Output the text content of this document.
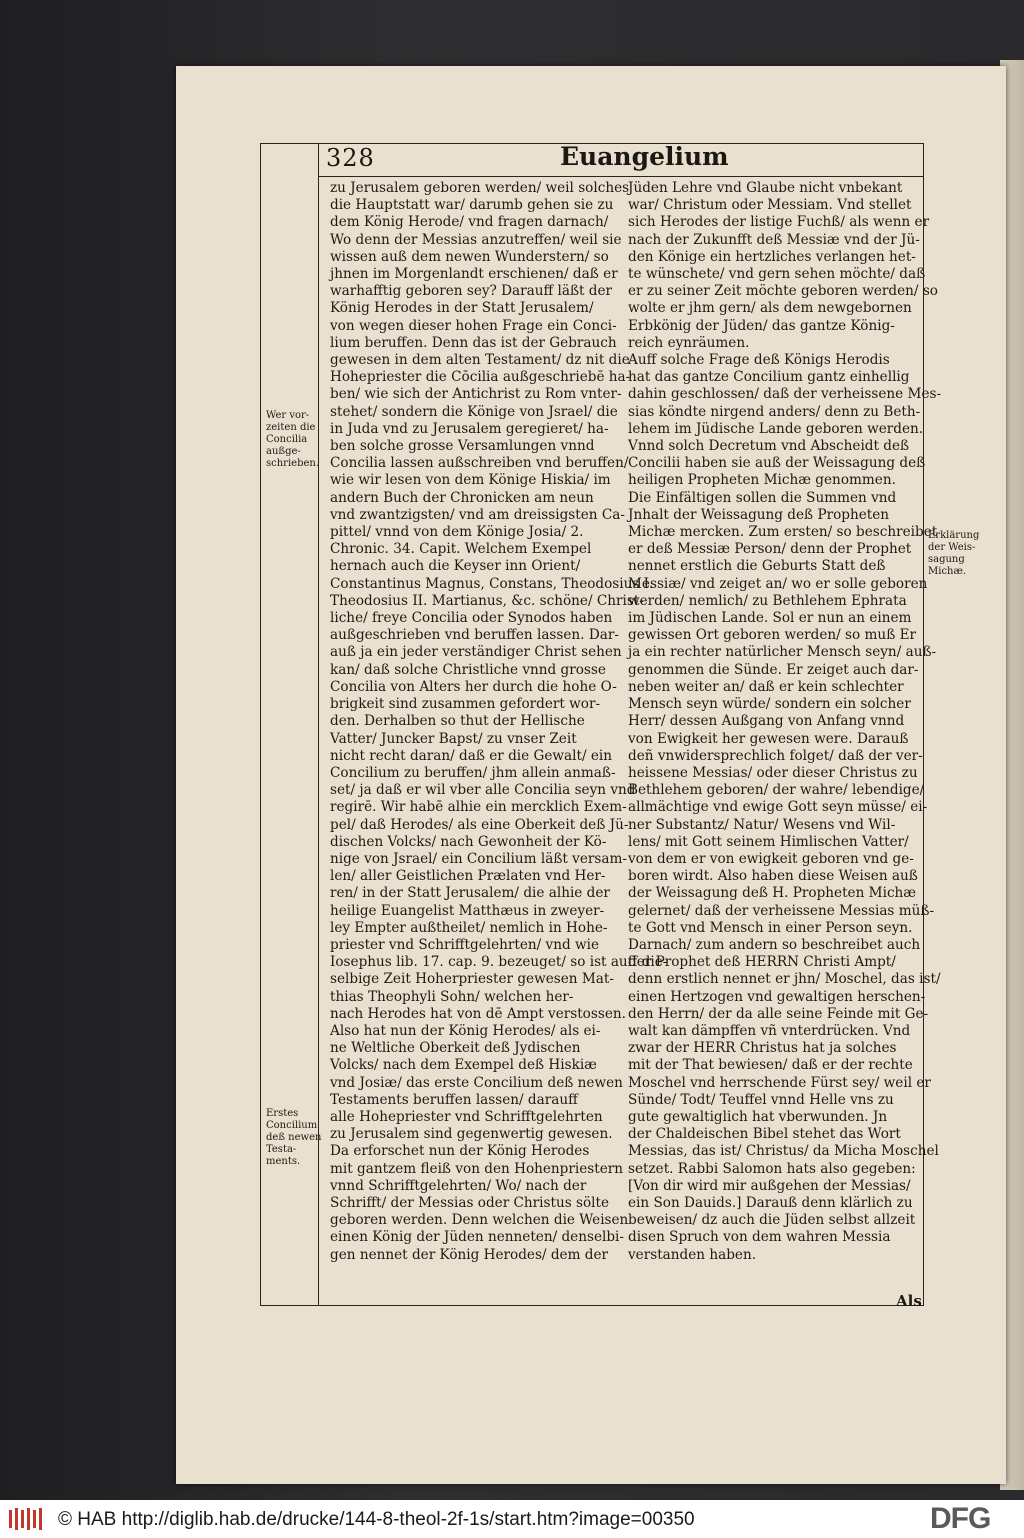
328	Euangelium
Wer vor-
zeiten die
Concilia
außge-
schrieben.
Erstes
Concilium
deß newen
Testa-
ments.
Erklärung
der Weis-
sagung
Michæ.
zu Jerusalem geboren werden/ weil solches
die Hauptstatt war/ darumb gehen sie zu
dem König Herode/ vnd fragen darnach/
Wo denn der Messias anzutreffen/ weil sie
wissen auß dem newen Wunderstern/ so
jhnen im Morgenlandt erschienen/ daß er
warhafftig geboren sey? Darauff läßt der
König Herodes in der Statt Jerusalem/
von wegen dieser hohen Frage ein Conci-
lium beruffen. Denn das ist der Gebrauch
gewesen in dem alten Testament/ dz nit die
Hohepriester die Cōcilia außgeschriebē ha-
ben/ wie sich der Antichrist zu Rom vnter-
stehet/ sondern die Könige von Jsrael/ die
in Juda vnd zu Jerusalem geregieret/ ha-
ben solche grosse Versamlungen vnnd
Concilia lassen außschreiben vnd beruffen/
wie wir lesen von dem Könige Hiskia/ im
andern Buch der Chronicken am neun
vnd zwantzigsten/ vnd am dreissigsten Ca-
pittel/ vnnd von dem Könige Josia/ 2.
Chronic. 34. Capit. Welchem Exempel
hernach auch die Keyser inn Orient/
Constantinus Magnus, Constans, Theodosius I.
Theodosius II. Martianus, &c. schöne/ Christ-
liche/ freye Concilia oder Synodos haben
außgeschrieben vnd beruffen lassen. Dar-
auß ja ein jeder verständiger Christ sehen
kan/ daß solche Christliche vnnd grosse
Concilia von Alters her durch die hohe O-
brigkeit sind zusammen gefordert wor-
den. Derhalben so thut der Hellische
Vatter/ Juncker Bapst/ zu vnser Zeit
nicht recht daran/ daß er die Gewalt/ ein
Concilium zu beruffen/ jhm allein anmaß-
set/ ja daß er wil vber alle Concilia seyn vnd
regirē. Wir habē alhie ein mercklich Exem-
pel/ daß Herodes/ als eine Oberkeit deß Jü-
dischen Volcks/ nach Gewonheit der Kö-
nige von Jsrael/ ein Concilium läßt versam-
len/ aller Geistlichen Prælaten vnd Her-
ren/ in der Statt Jerusalem/ die alhie der
heilige Euangelist Matthæus in zweyer-
ley Empter außtheilet/ nemlich in Hohe-
priester vnd Schrifftgelehrten/ vnd wie
Iosephus lib. 17. cap. 9. bezeuget/ so ist auff die-
selbige Zeit Hoherpriester gewesen Mat-
thias Theophyli Sohn/ welchen her-
nach Herodes hat von dē Ampt verstossen.
Also hat nun der König Herodes/ als ei-
ne Weltliche Oberkeit deß Jydischen
Volcks/ nach dem Exempel deß Hiskiæ
vnd Josiæ/ das erste Concilium deß newen
Testaments beruffen lassen/ darauff
alle Hohepriester vnd Schrifftgelehrten
zu Jerusalem sind gegenwertig gewesen.
Da erforschet nun der König Herodes
mit gantzem fleiß von den Hohenpriestern
vnnd Schrifftgelehrten/ Wo/ nach der
Schrifft/ der Messias oder Christus sölte
geboren werden. Denn welchen die Weisen
einen König der Jüden nenneten/ denselbi-
gen nennet der König Herodes/ dem der
Jüden Lehre vnd Glaube nicht vnbekant
war/ Christum oder Messiam. Vnd stellet
sich Herodes der listige Fuchß/ als wenn er
nach der Zukunfft deß Messiæ vnd der Jü-
den Könige ein hertzliches verlangen het-
te wünschete/ vnd gern sehen möchte/ daß
er zu seiner Zeit möchte geboren werden/ so
wolte er jhm gern/ als dem newgebornen
Erbkönig der Jüden/ das gantze König-
reich eynräumen.
Auff solche Frage deß Königs Herodis
hat das gantze Concilium gantz einhellig
dahin geschlossen/ daß der verheissene Mes-
sias köndte nirgend anders/ denn zu Beth-
lehem im Jüdische Lande geboren werden.
Vnnd solch Decretum vnd Abscheidt deß
Concilii haben sie auß der Weissagung deß
heiligen Propheten Michæ genommen.
Die Einfältigen sollen die Summen vnd
Jnhalt der Weissagung deß Propheten
Michæ mercken. Zum ersten/ so beschreibet
er deß Messiæ Person/ denn der Prophet
nennet erstlich die Geburts Statt deß
Messiæ/ vnd zeiget an/ wo er solle geboren
werden/ nemlich/ zu Bethlehem Ephrata
im Jüdischen Lande. Sol er nun an einem
gewissen Ort geboren werden/ so muß Er
ja ein rechter natürlicher Mensch seyn/ auß-
genommen die Sünde. Er zeiget auch dar-
neben weiter an/ daß er kein schlechter
Mensch seyn würde/ sondern ein solcher
Herr/ dessen Außgang von Anfang vnnd
von Ewigkeit her gewesen were. Darauß
deñ vnwidersprechlich folget/ daß der ver-
heissene Messias/ oder dieser Christus zu
Bethlehem geboren/ der wahre/ lebendige/
allmächtige vnd ewige Gott seyn müsse/ ei-
ner Substantz/ Natur/ Wesens vnd Wil-
lens/ mit Gott seinem Himlischen Vatter/
von dem er von ewigkeit geboren vnd ge-
boren wirdt. Also haben diese Weisen auß
der Weissagung deß H. Propheten Michæ
gelernet/ daß der verheissene Messias müß-
te Gott vnd Mensch in einer Person seyn.
Darnach/ zum andern so beschreibet auch
der Prophet deß HERRN Christi Ampt/
denn erstlich nennet er jhn/ Moschel, das ist/
einen Hertzogen vnd gewaltigen herschen-
den Herrn/ der da alle seine Feinde mit Ge-
walt kan dämpffen vñ vnterdrücken. Vnd
zwar der HERR Christus hat ja solches
mit der That bewiesen/ daß er der rechte
Moschel vnd herrschende Fürst sey/ weil er
Sünde/ Todt/ Teuffel vnnd Helle vns zu
gute gewaltiglich hat vberwunden. Jn
der Chaldeischen Bibel stehet das Wort
Messias, das ist/ Christus/ da Micha Moschel
setzet. Rabbi Salomon hats also gegeben:
[Von dir wird mir außgehen der Messias/
ein Son Dauids.] Darauß denn klärlich zu
beweisen/ dz auch die Jüden selbst allzeit
disen Spruch von dem wahren Messia
verstanden haben.
Als
© HAB http://diglib.hab.de/drucke/144-8-theol-2f-1s/start.htm?image=00350	DFG
